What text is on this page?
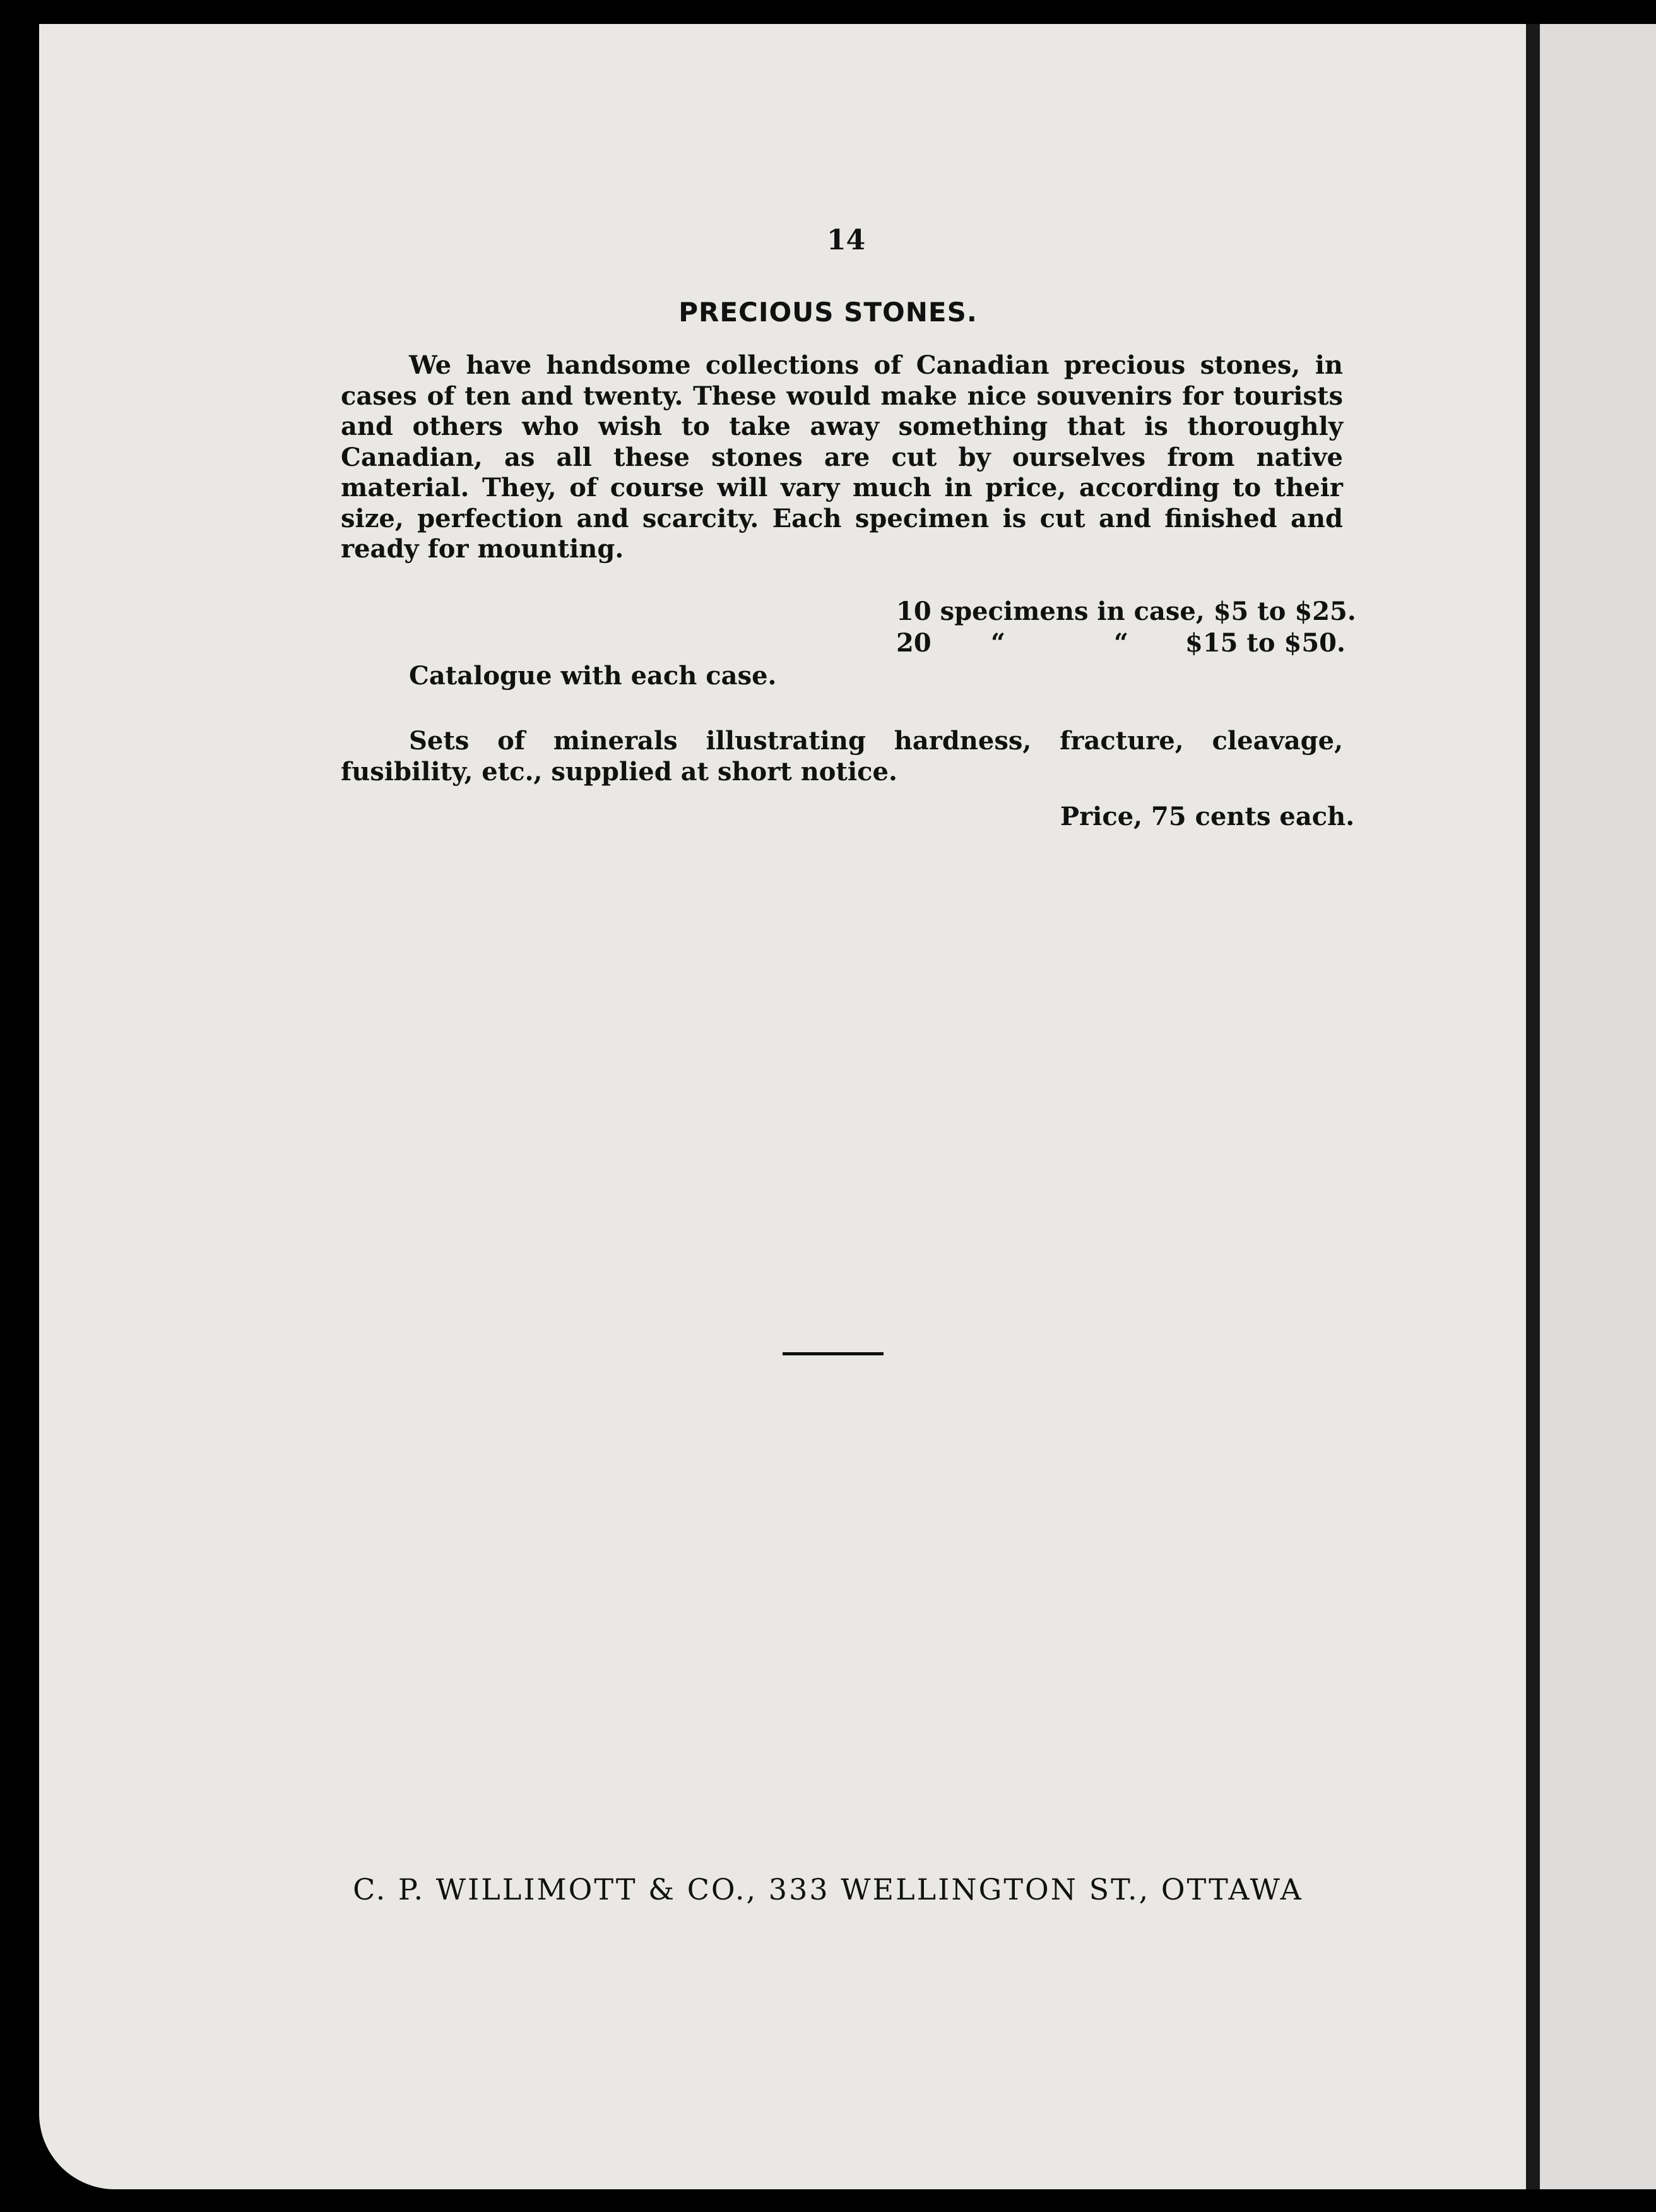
14
PRECIOUS STONES.

We have handsome collections of Canadian precious stones, in cases of ten and twenty. These would make nice souvenirs for tourists and others who wish to take away something that is thoroughly Canadian, as all these stones are cut by ourselves from native material. They, of course will vary much in price, according to their size, perfection and scarcity. Each specimen is cut and finished and ready for mounting.

10 specimens in case, $5 to $25.
20 “	“ $15 to $50.
Catalogue with each case.

Sets of minerals illustrating hardness, fracture, cleavage, fusibility, etc., supplied at short notice.

Price, 75 cents each.
C. P. WILLIMOTT & CO., 333 WELLINGTON ST., OTTAWA
